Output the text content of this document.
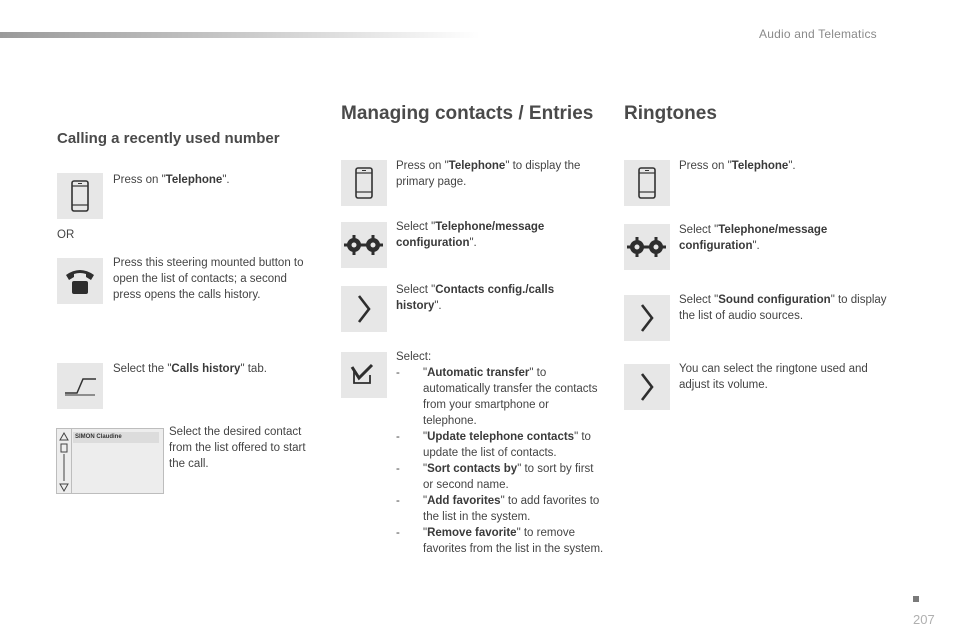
Audio and Telematics
Calling a recently used number
Press on "Telephone".
OR
Press this steering mounted button to open the list of contacts; a second press opens the calls history.
Select the "Calls history" tab.
SIMON Claudine	Select the desired contact from the list offered to start the call.
Managing contacts / Entries
Press on "Telephone" to display the primary page.
Select "Telephone/message configuration".
Select "Contacts config./calls history".
Select:
- "Automatic transfer" to automatically transfer the contacts from your smartphone or telephone.
- "Update telephone contacts" to update the list of contacts.
- "Sort contacts by" to sort by first or second name.
- "Add favorites" to add favorites to the list in the system.
- "Remove favorite" to remove favorites from the list in the system.
Ringtones
Press on "Telephone".
Select "Telephone/message configuration".
Select "Sound configuration" to display the list of audio sources.
You can select the ringtone used and adjust its volume.
207
